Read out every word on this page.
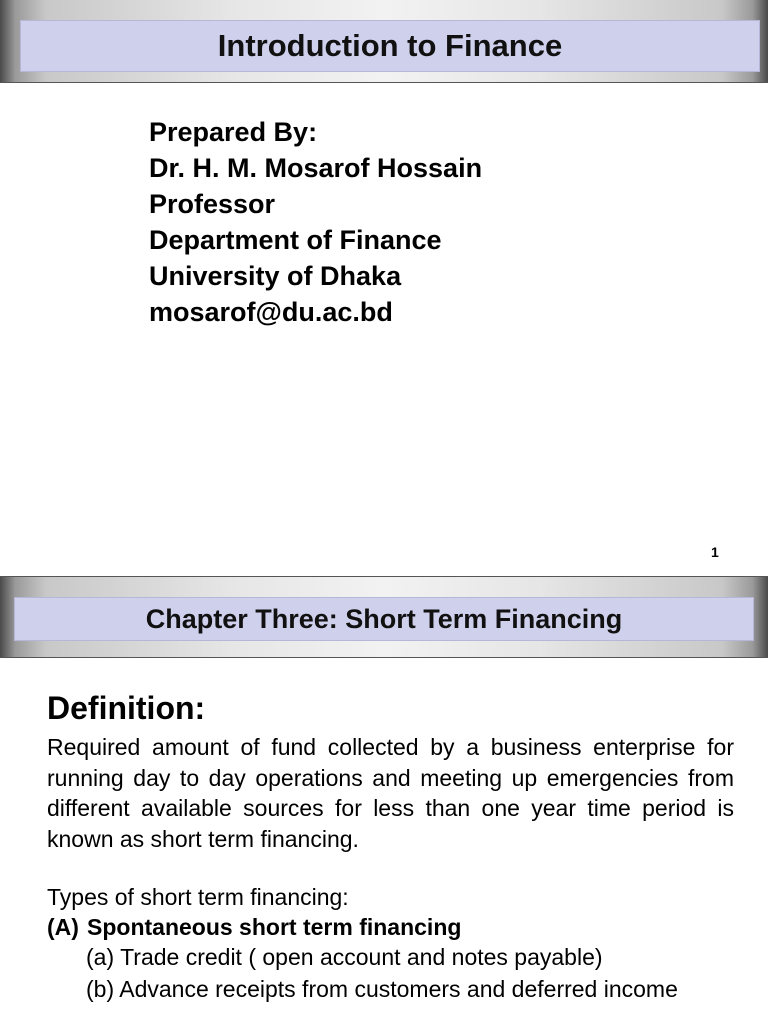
Introduction to Finance
Prepared By:
Dr. H. M. Mosarof Hossain
Professor
Department of Finance
University of Dhaka
mosarof@du.ac.bd
1
Chapter Three: Short Term Financing
Definition:
Required amount of fund collected by a business enterprise for running day to day operations and meeting up emergencies from different available sources for less than one year time period is known as short term financing.
Types of short term financing:
(A) Spontaneous short term financing
(a) Trade credit ( open account and notes payable)
(b) Advance receipts from customers and deferred income
